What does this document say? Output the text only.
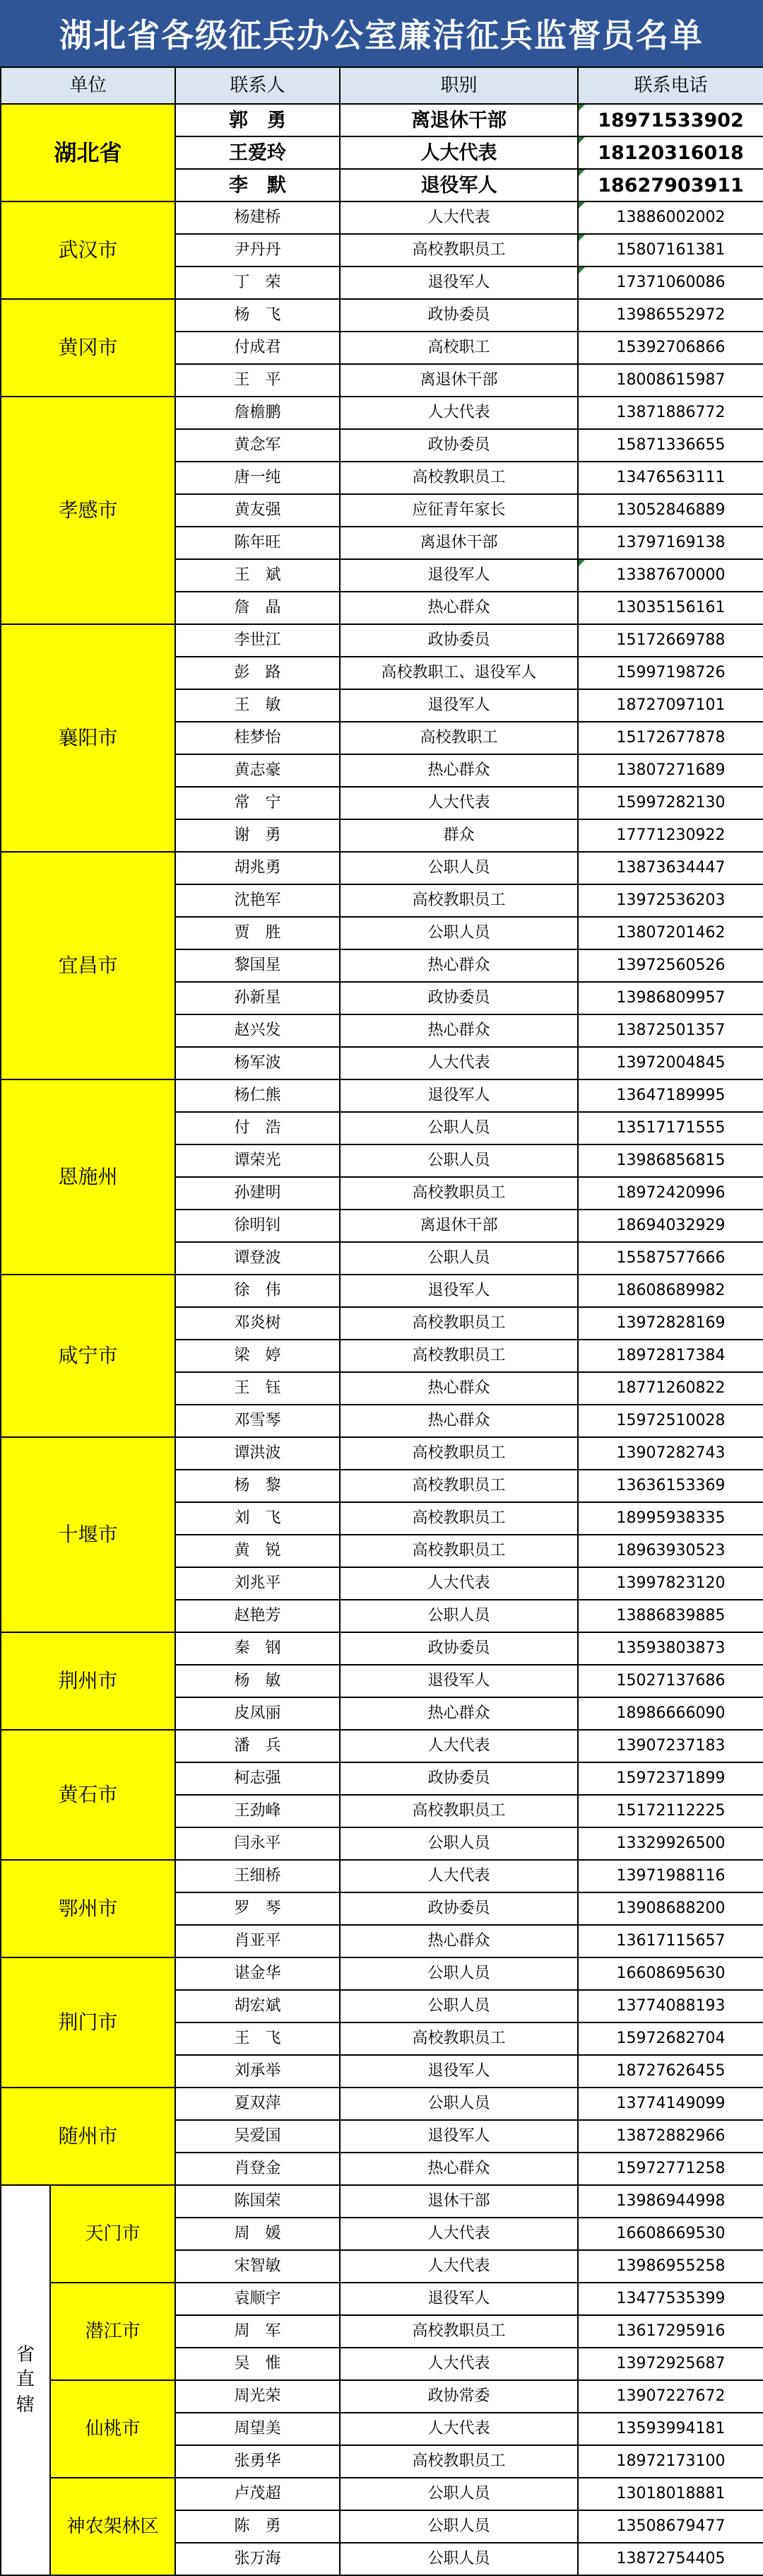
湖北省各级征兵办公室廉洁征兵监督员名单
单位		联系人	职别	联系电话
湖北省		郭　勇	离退休干部	18971533902
		王爱玲	人大代表	18120316018
		李　默	退役军人	18627903911
武汉市		杨建桥	人大代表	13886002002
		尹丹丹	高校教职员工	15807161381
		丁　荣	退役军人	17371060086
黄冈市		杨　飞	政协委员	13986552972
		付成君	高校职工	15392706866
		王　平	离退休干部	18008615987
孝感市		詹檐鹏	人大代表	13871886772
		黄念军	政协委员	15871336655
		唐一纯	高校教职员工	13476563111
		黄友强	应征青年家长	13052846889
		陈年旺	离退休干部	13797169138
		王　斌	退役军人	13387670000
		詹　晶	热心群众	13035156161
襄阳市		李世江	政协委员	15172669788
		彭　路	高校教职工、退役军人	15997198726
		王　敏	退役军人	18727097101
		桂梦怡	高校教职工	15172677878
		黄志豪	热心群众	13807271689
		常　宁	人大代表	15997282130
		谢　勇	群众	17771230922
宜昌市		胡兆勇	公职人员	13873634447
		沈艳军	高校教职员工	13972536203
		贾　胜	公职人员	13807201462
		黎国星	热心群众	13972560526
		孙新星	政协委员	13986809957
		赵兴发	热心群众	13872501357
		杨军波	人大代表	13972004845
恩施州		杨仁熊	退役军人	13647189995
		付　浩	公职人员	13517171555
		谭荣光	公职人员	13986856815
		孙建明	高校教职员工	18972420996
		徐明钊	离退休干部	18694032929
		谭登波	公职人员	15587577666
咸宁市		徐　伟	退役军人	18608689982
		邓炎树	高校教职员工	13972828169
		梁　婷	高校教职员工	18972817384
		王　钰	热心群众	18771260822
		邓雪琴	热心群众	15972510028
十堰市		谭洪波	高校教职员工	13907282743
		杨　黎	高校教职员工	13636153369
		刘　飞	高校教职员工	18995938335
		黄　锐	高校教职员工	18963930523
		刘兆平	人大代表	13997823120
		赵艳芳	公职人员	13886839885
荆州市		秦　钢	政协委员	13593803873
		杨　敏	退役军人	15027137686
		皮凤丽	热心群众	18986666090
黄石市		潘　兵	人大代表	13907237183
		柯志强	政协委员	15972371899
		王劲峰	高校教职员工	15172112225
		闫永平	公职人员	13329926500
鄂州市		王细桥	人大代表	13971988116
		罗　琴	政协委员	13908688200
		肖亚平	热心群众	13617115657
荆门市		谌金华	公职人员	16608695630
		胡宏斌	公职人员	13774088193
		王　飞	高校教职员工	15972682704
		刘承举	退役军人	18727626455
随州市		夏双萍	公职人员	13774149099
		吴爱国	退役军人	13872882966
		肖登金	热心群众	15972771258
省
直
辖	天门市	陈国荣	退休干部	13986944998
		周　媛	人大代表	16608669530
		宋智敏	人大代表	13986955258
	潜江市	袁顺宇	退役军人	13477535399
		周　军	高校教职员工	13617295916
		吴　惟	人大代表	13972925687
	仙桃市	周光荣	政协常委	13907227672
		周望美	人大代表	13593994181
		张勇华	高校教职员工	18972173100
	神农架林区	卢茂超	公职人员	13018018881
		陈　勇	公职人员	13508679477
		张万海	公职人员	13872754405
